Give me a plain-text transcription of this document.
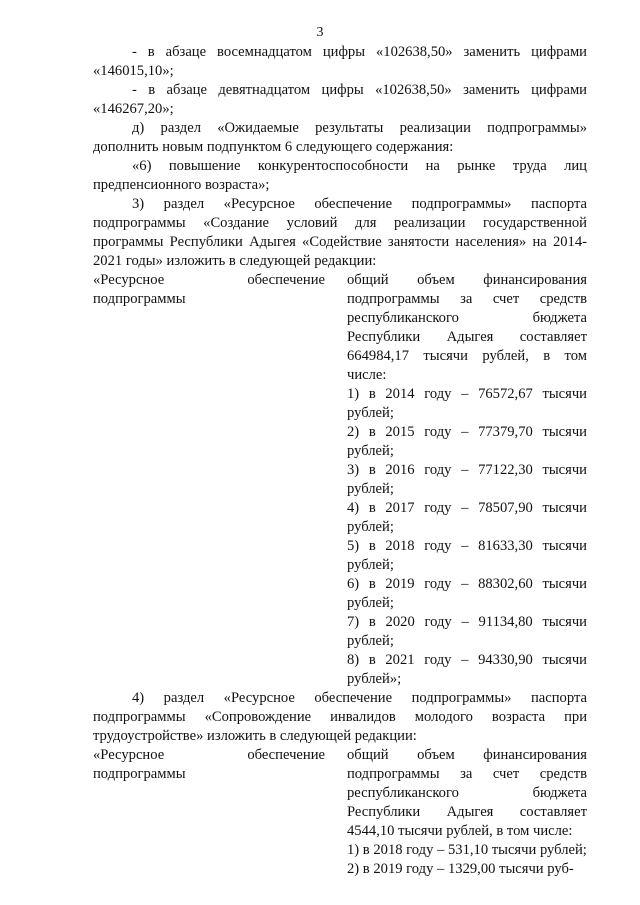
3

- в абзаце восемнадцатом цифры «102638,50» заменить цифрами «146015,10»;

- в абзаце девятнадцатом цифры «102638,50» заменить цифрами «146267,20»;

д) раздел «Ожидаемые результаты реализации подпрограммы» дополнить новым подпунктом 6 следующего содержания:

«6) повышение конкурентоспособности на рынке труда лиц предпенсионного возраста»;

3) раздел «Ресурсное обеспечение подпрограммы» паспорта подпрограммы «Создание условий для реализации государственной программы Республики Адыгея «Содействие занятости населения» на 2014-2021 годы» изложить в следующей редакции:

«Ресурсное обеспечение подпрограммы
общий объем финансирования подпрограммы за счет средств республиканского бюджета Республики Адыгея составляет 664984,17 тысячи рублей, в том числе:
1) в 2014 году – 76572,67 тысячи рублей;
2) в 2015 году – 77379,70 тысячи рублей;
3) в 2016 году – 77122,30 тысячи рублей;
4) в 2017 году – 78507,90 тысячи рублей;
5) в 2018 году – 81633,30 тысячи рублей;
6) в 2019 году – 88302,60 тысячи рублей;
7) в 2020 году – 91134,80 тысячи рублей;
8) в 2021 году – 94330,90 тысячи рублей»;

4) раздел «Ресурсное обеспечение подпрограммы» паспорта подпрограммы «Сопровождение инвалидов молодого возраста при трудоустройстве» изложить в следующей редакции:

«Ресурсное обеспечение подпрограммы
общий объем финансирования подпрограммы за счет средств республиканского бюджета Республики Адыгея составляет 4544,10 тысячи рублей, в том числе:
1) в 2018 году – 531,10 тысячи рублей;
2) в 2019 году – 1329,00 тысячи руб-
